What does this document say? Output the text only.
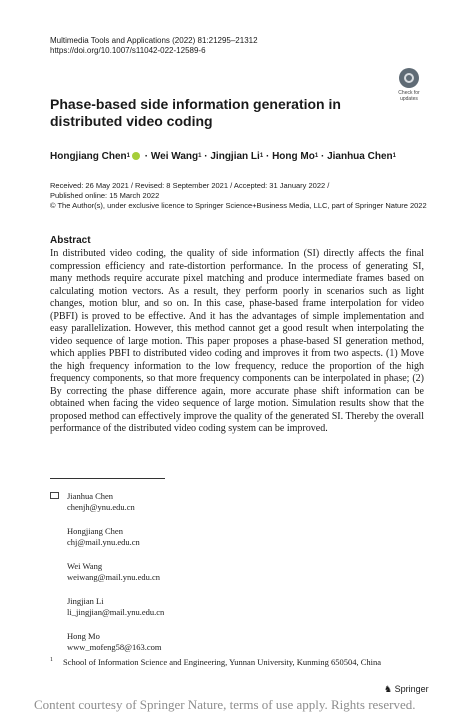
Multimedia Tools and Applications (2022) 81:21295–21312
https://doi.org/10.1007/s11042-022-12589-6
Check for
updates
Phase-based side information generation in distributed video coding
Hongjiang Chen$^1$ · Wei Wang$^1$ · Jingjian $Li^1$ · Hong $Mo^1$ · Jianhua Chen$^1$
Received: 26 May 2021 / Revised: 8 September 2021 / Accepted: 31 January 2022 /
Published online: 15 March 2022
© The Author(s), under exclusive licence to Springer Science+Business Media, LLC, part of Springer Nature 2022
Abstract
In distributed video coding, the quality of side information (SI) directly affects the final compression efficiency and rate-distortion performance. In the process of generating SI, many methods require accurate pixel matching and produce intermediate frames based on calculating motion vectors. As a result, they perform poorly in scenarios such as light changes, motion blur, and so on. In this case, phase-based frame interpolation for video (PBFI) is proved to be effective. And it has the advantages of simple implementation and easy parallelization. However, this method cannot get a good result when interpolating the video sequence of large motion. This paper proposes a phase-based SI generation method, which applies PBFI to distributed video coding and improves it from two aspects. (1) Move the high frequency information to the low frequency, reduce the proportion of the high frequency components, so that more frequency components can be interpolated in phase; (2) By correcting the phase difference again, more accurate phase shift information can be obtained when facing the video sequence of large motion. Simulation results show that the proposed method can effectively improve the quality of the generated SI. Thereby the overall performance of the distributed video coding system can be improved.
Jianhua Chen
chenjh@ynu.edu.cn
Hongjiang Chen
chj@mail.ynu.edu.cn
Wei Wang
weiwang@mail.ynu.edu.cn
Jingjian Li
li_jingjian@mail.ynu.edu.cn
Hong Mo
www_mofeng58@163.com
$^1$ School of Information Science and Engineering, Yunnan University, Kunming 650504, China
♞ Springer
Content courtesy of Springer Nature, terms of use apply. Rights reserved.
